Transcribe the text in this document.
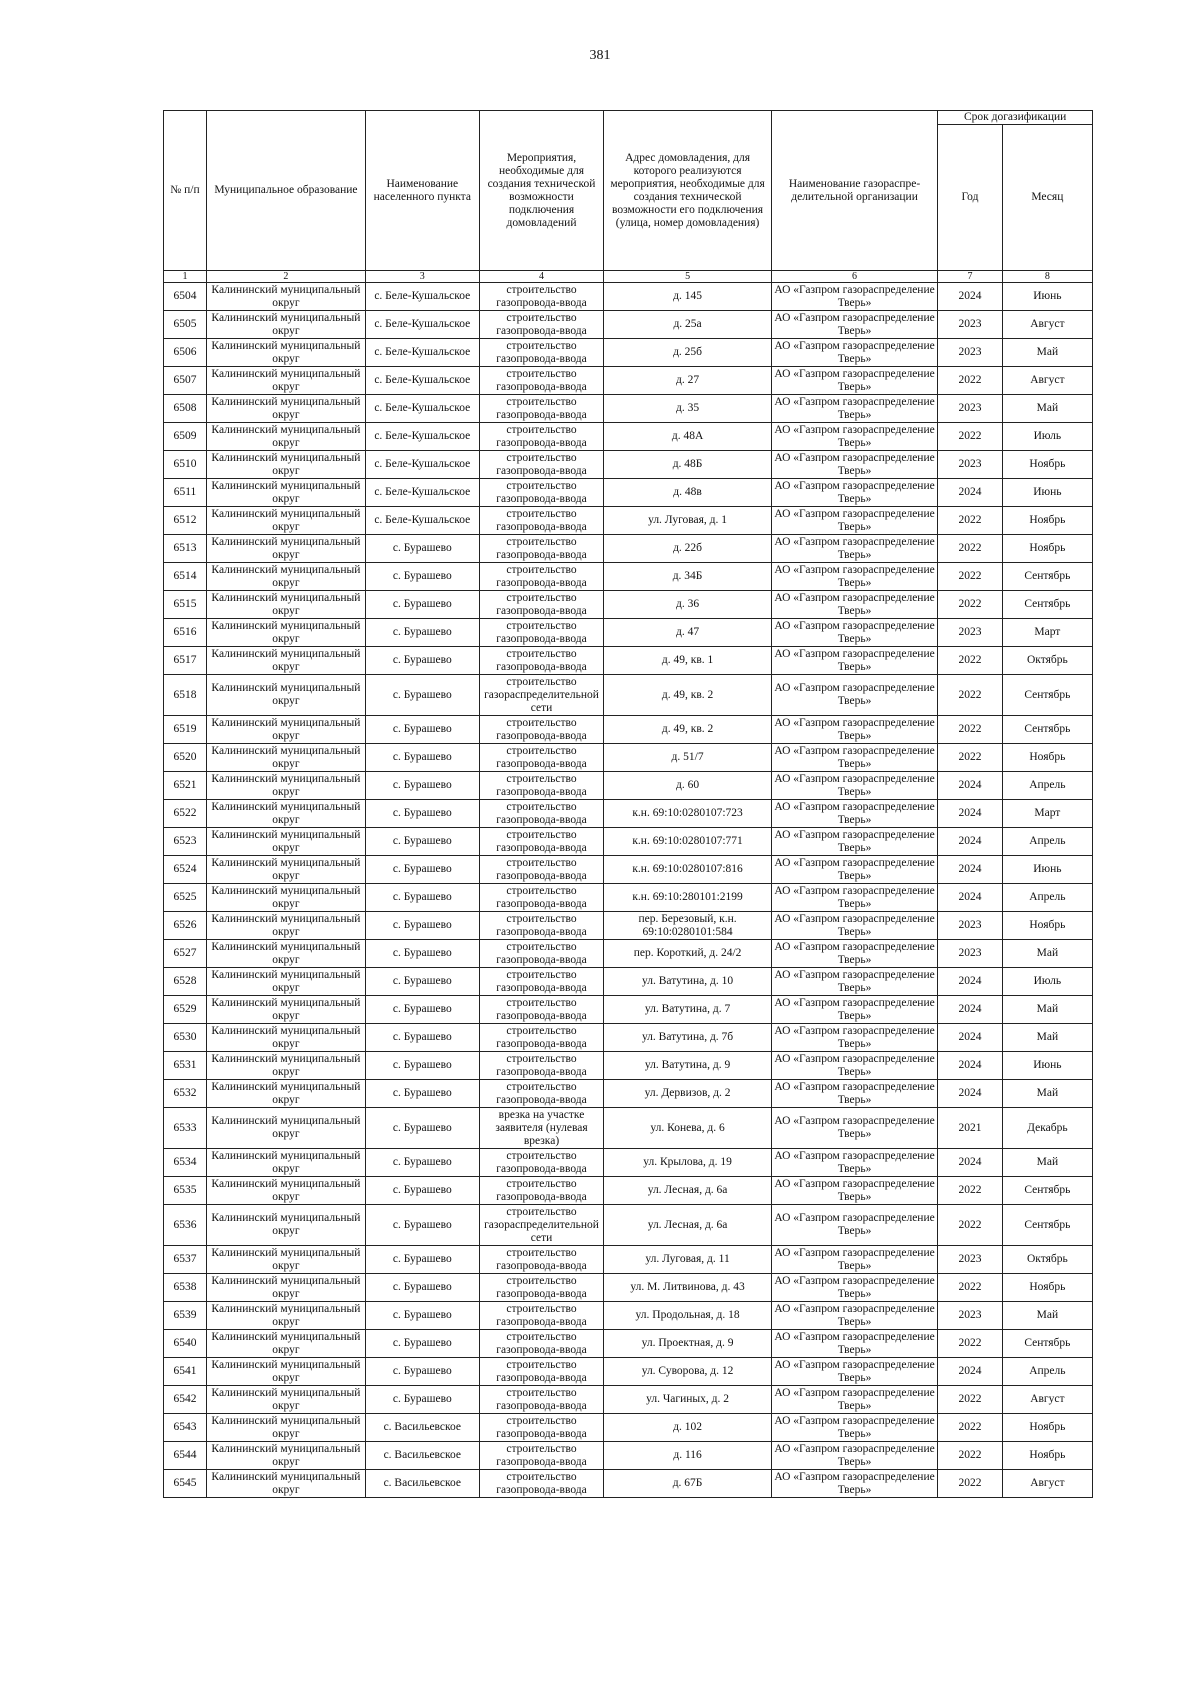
381
№ п/п	Муниципальное образование	Наименование населенного пункта	Мероприятия, необходимые для создания технической возможности подключения домовладений	Адрес домовладения, для которого реализуются мероприятия, необходимые для создания технической возможности его подключения (улица, номер домовладения)	Наименование газораспре-делительной организации	Срок догазификации	
						Год	Месяц
1	2	3	4	5	6	7	8
6504	Калининский муниципальный округ	с. Беле-Кушальское	строительство газопровода-ввода	д. 145	АО «Газпром газораспределение Тверь»	2024	Июнь
6505	Калининский муниципальный округ	с. Беле-Кушальское	строительство газопровода-ввода	д. 25а	АО «Газпром газораспределение Тверь»	2023	Август
6506	Калининский муниципальный округ	с. Беле-Кушальское	строительство газопровода-ввода	д. 25б	АО «Газпром газораспределение Тверь»	2023	Май
6507	Калининский муниципальный округ	с. Беле-Кушальское	строительство газопровода-ввода	д. 27	АО «Газпром газораспределение Тверь»	2022	Август
6508	Калининский муниципальный округ	с. Беле-Кушальское	строительство газопровода-ввода	д. 35	АО «Газпром газораспределение Тверь»	2023	Май
6509	Калининский муниципальный округ	с. Беле-Кушальское	строительство газопровода-ввода	д. 48А	АО «Газпром газораспределение Тверь»	2022	Июль
6510	Калининский муниципальный округ	с. Беле-Кушальское	строительство газопровода-ввода	д. 48Б	АО «Газпром газораспределение Тверь»	2023	Ноябрь
6511	Калининский муниципальный округ	с. Беле-Кушальское	строительство газопровода-ввода	д. 48в	АО «Газпром газораспределение Тверь»	2024	Июнь
6512	Калининский муниципальный округ	с. Беле-Кушальское	строительство газопровода-ввода	ул. Луговая, д. 1	АО «Газпром газораспределение Тверь»	2022	Ноябрь
6513	Калининский муниципальный округ	с. Бурашево	строительство газопровода-ввода	д. 22б	АО «Газпром газораспределение Тверь»	2022	Ноябрь
6514	Калининский муниципальный округ	с. Бурашево	строительство газопровода-ввода	д. 34Б	АО «Газпром газораспределение Тверь»	2022	Сентябрь
6515	Калининский муниципальный округ	с. Бурашево	строительство газопровода-ввода	д. 36	АО «Газпром газораспределение Тверь»	2022	Сентябрь
6516	Калининский муниципальный округ	с. Бурашево	строительство газопровода-ввода	д. 47	АО «Газпром газораспределение Тверь»	2023	Март
6517	Калининский муниципальный округ	с. Бурашево	строительство газопровода-ввода	д. 49, кв. 1	АО «Газпром газораспределение Тверь»	2022	Октябрь
6518	Калининский муниципальный округ	с. Бурашево	строительство газораспределительной сети	д. 49, кв. 2	АО «Газпром газораспределение Тверь»	2022	Сентябрь
6519	Калининский муниципальный округ	с. Бурашево	строительство газопровода-ввода	д. 49, кв. 2	АО «Газпром газораспределение Тверь»	2022	Сентябрь
6520	Калининский муниципальный округ	с. Бурашево	строительство газопровода-ввода	д. 51/7	АО «Газпром газораспределение Тверь»	2022	Ноябрь
6521	Калининский муниципальный округ	с. Бурашево	строительство газопровода-ввода	д. 60	АО «Газпром газораспределение Тверь»	2024	Апрель
6522	Калининский муниципальный округ	с. Бурашево	строительство газопровода-ввода	к.н. 69:10:0280107:723	АО «Газпром газораспределение Тверь»	2024	Март
6523	Калининский муниципальный округ	с. Бурашево	строительство газопровода-ввода	к.н. 69:10:0280107:771	АО «Газпром газораспределение Тверь»	2024	Апрель
6524	Калининский муниципальный округ	с. Бурашево	строительство газопровода-ввода	к.н. 69:10:0280107:816	АО «Газпром газораспределение Тверь»	2024	Июнь
6525	Калининский муниципальный округ	с. Бурашево	строительство газопровода-ввода	к.н. 69:10:280101:2199	АО «Газпром газораспределение Тверь»	2024	Апрель
6526	Калининский муниципальный округ	с. Бурашево	строительство газопровода-ввода	пер. Березовый, к.н. 69:10:0280101:584	АО «Газпром газораспределение Тверь»	2023	Ноябрь
6527	Калининский муниципальный округ	с. Бурашево	строительство газопровода-ввода	пер. Короткий, д. 24/2	АО «Газпром газораспределение Тверь»	2023	Май
6528	Калининский муниципальный округ	с. Бурашево	строительство газопровода-ввода	ул. Ватутина, д. 10	АО «Газпром газораспределение Тверь»	2024	Июль
6529	Калининский муниципальный округ	с. Бурашево	строительство газопровода-ввода	ул. Ватутина, д. 7	АО «Газпром газораспределение Тверь»	2024	Май
6530	Калининский муниципальный округ	с. Бурашево	строительство газопровода-ввода	ул. Ватутина, д. 7б	АО «Газпром газораспределение Тверь»	2024	Май
6531	Калининский муниципальный округ	с. Бурашево	строительство газопровода-ввода	ул. Ватутина, д. 9	АО «Газпром газораспределение Тверь»	2024	Июнь
6532	Калининский муниципальный округ	с. Бурашево	строительство газопровода-ввода	ул. Дервизов, д. 2	АО «Газпром газораспределение Тверь»	2024	Май
6533	Калининский муниципальный округ	с. Бурашево	врезка на участке заявителя (нулевая врезка)	ул. Конева, д. 6	АО «Газпром газораспределение Тверь»	2021	Декабрь
6534	Калининский муниципальный округ	с. Бурашево	строительство газопровода-ввода	ул. Крылова, д. 19	АО «Газпром газораспределение Тверь»	2024	Май
6535	Калининский муниципальный округ	с. Бурашево	строительство газопровода-ввода	ул. Лесная, д. 6а	АО «Газпром газораспределение Тверь»	2022	Сентябрь
6536	Калининский муниципальный округ	с. Бурашево	строительство газораспределительной сети	ул. Лесная, д. 6а	АО «Газпром газораспределение Тверь»	2022	Сентябрь
6537	Калининский муниципальный округ	с. Бурашево	строительство газопровода-ввода	ул. Луговая, д. 11	АО «Газпром газораспределение Тверь»	2023	Октябрь
6538	Калининский муниципальный округ	с. Бурашево	строительство газопровода-ввода	ул. М. Литвинова, д. 43	АО «Газпром газораспределение Тверь»	2022	Ноябрь
6539	Калининский муниципальный округ	с. Бурашево	строительство газопровода-ввода	ул. Продольная, д. 18	АО «Газпром газораспределение Тверь»	2023	Май
6540	Калининский муниципальный округ	с. Бурашево	строительство газопровода-ввода	ул. Проектная, д. 9	АО «Газпром газораспределение Тверь»	2022	Сентябрь
6541	Калининский муниципальный округ	с. Бурашево	строительство газопровода-ввода	ул. Суворова, д. 12	АО «Газпром газораспределение Тверь»	2024	Апрель
6542	Калининский муниципальный округ	с. Бурашево	строительство газопровода-ввода	ул. Чагиных, д. 2	АО «Газпром газораспределение Тверь»	2022	Август
6543	Калининский муниципальный округ	с. Васильевское	строительство газопровода-ввода	д. 102	АО «Газпром газораспределение Тверь»	2022	Ноябрь
6544	Калининский муниципальный округ	с. Васильевское	строительство газопровода-ввода	д. 116	АО «Газпром газораспределение Тверь»	2022	Ноябрь
6545	Калининский муниципальный округ	с. Васильевское	строительство газопровода-ввода	д. 67Б	АО «Газпром газораспределение Тверь»	2022	Август
